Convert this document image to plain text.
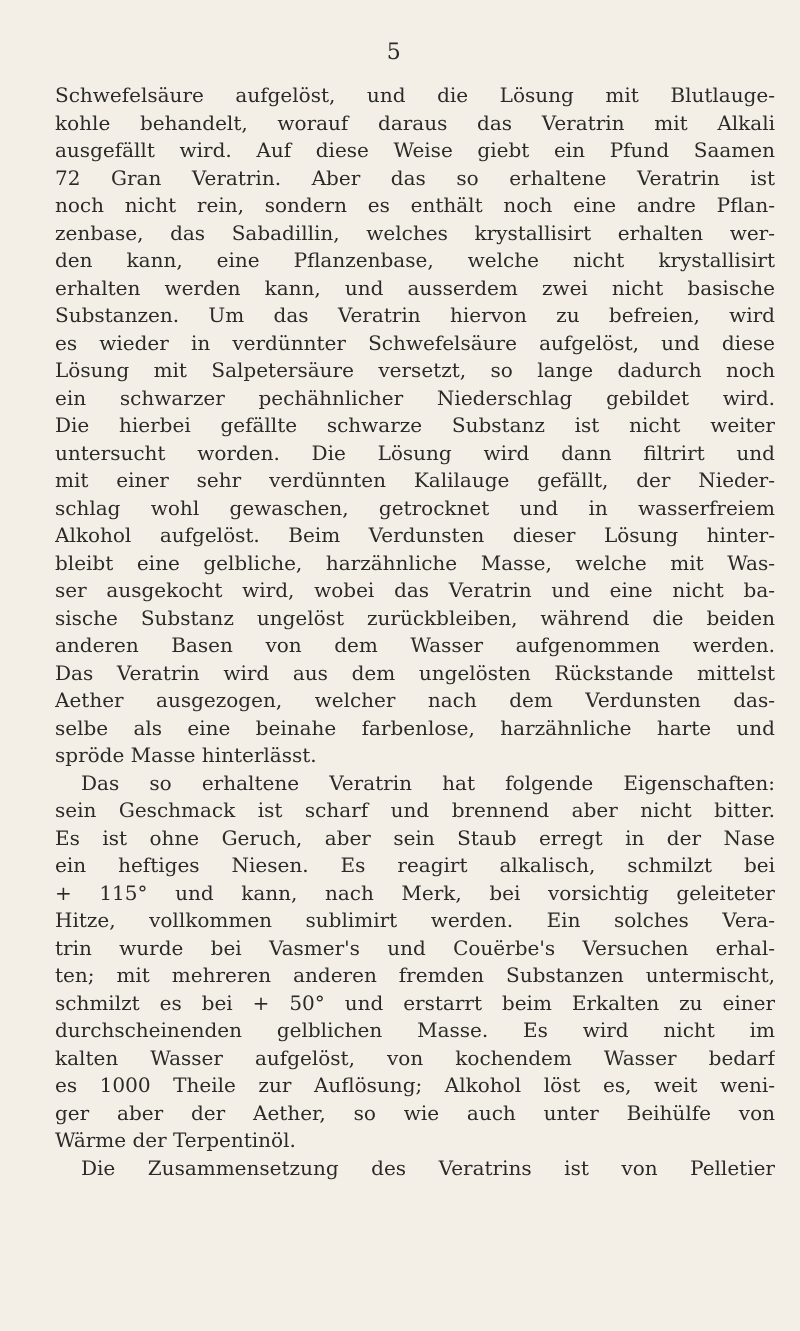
5
Schwefelsäure aufgelöst, und die Lösung mit Blutlauge-
kohle behandelt, worauf daraus das Veratrin mit Alkali
ausgefällt wird. Auf diese Weise giebt ein Pfund Saamen
72 Gran Veratrin. Aber das so erhaltene Veratrin ist
noch nicht rein, sondern es enthält noch eine andre Pflan-
zenbase, das Sabadillin, welches krystallisirt erhalten wer-
den kann, eine Pflanzenbase, welche nicht krystallisirt
erhalten werden kann, und ausserdem zwei nicht basische
Substanzen. Um das Veratrin hiervon zu befreien, wird
es wieder in verdünnter Schwefelsäure aufgelöst, und diese
Lösung mit Salpetersäure versetzt, so lange dadurch noch
ein schwarzer pechähnlicher Niederschlag gebildet wird.
Die hierbei gefällte schwarze Substanz ist nicht weiter
untersucht worden. Die Lösung wird dann filtrirt und
mit einer sehr verdünnten Kalilauge gefällt, der Nieder-
schlag wohl gewaschen, getrocknet und in wasserfreiem
Alkohol aufgelöst. Beim Verdunsten dieser Lösung hinter-
bleibt eine gelbliche, harzähnliche Masse, welche mit Was-
ser ausgekocht wird, wobei das Veratrin und eine nicht ba-
sische Substanz ungelöst zurückbleiben, während die beiden
anderen Basen von dem Wasser aufgenommen werden.
Das Veratrin wird aus dem ungelösten Rückstande mittelst
Aether ausgezogen, welcher nach dem Verdunsten das-
selbe als eine beinahe farbenlose, harzähnliche harte und
spröde Masse hinterlässt.
Das so erhaltene Veratrin hat folgende Eigenschaften:
sein Geschmack ist scharf und brennend aber nicht bitter.
Es ist ohne Geruch, aber sein Staub erregt in der Nase
ein heftiges Niesen. Es reagirt alkalisch, schmilzt bei
+ 115° und kann, nach Merk, bei vorsichtig geleiteter
Hitze, vollkommen sublimirt werden. Ein solches Vera-
trin wurde bei Vasmer's und Couërbe's Versuchen erhal-
ten; mit mehreren anderen fremden Substanzen untermischt,
schmilzt es bei + 50° und erstarrt beim Erkalten zu einer
durchscheinenden gelblichen Masse. Es wird nicht im
kalten Wasser aufgelöst, von kochendem Wasser bedarf
es 1000 Theile zur Auflösung; Alkohol löst es, weit weni-
ger aber der Aether, so wie auch unter Beihülfe von
Wärme der Terpentinöl.
Die Zusammensetzung des Veratrins ist von Pelletier
